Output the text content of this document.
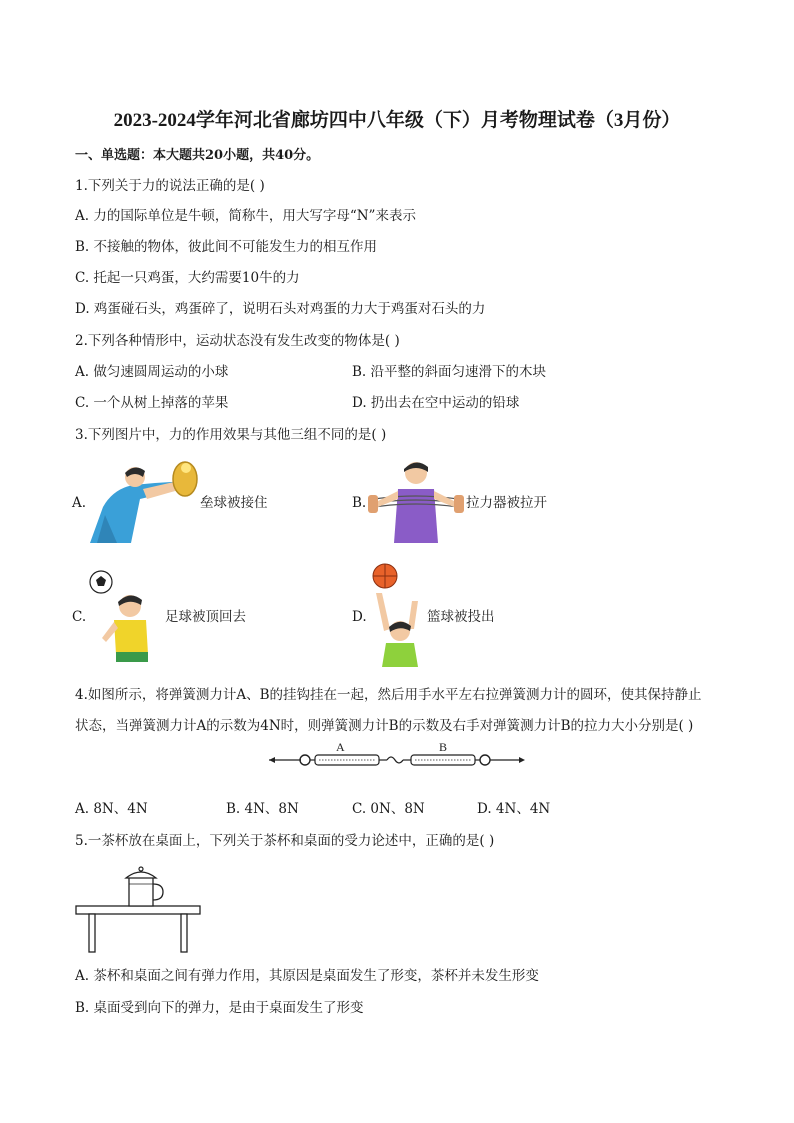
2023-2024学年河北省廊坊四中八年级（下）月考物理试卷（3月份）
一、单选题：本大题共20小题，共40分。
1.下列关于力的说法正确的是( )
A. 力的国际单位是牛顿，简称牛，用大写字母“N”来表示
B. 不接触的物体，彼此间不可能发生力的相互作用
C. 托起一只鸡蛋，大约需要10牛的力
D. 鸡蛋碰石头，鸡蛋碎了，说明石头对鸡蛋的力大于鸡蛋对石头的力
2.下列各种情形中，运动状态没有发生改变的物体是( )
A. 做匀速圆周运动的小球	B. 沿平整的斜面匀速滑下的木块
C. 一个从树上掉落的苹果	D. 扔出去在空中运动的铅球
3.下列图片中，力的作用效果与其他三组不同的是( )
A.	垒球被接住	B.	拉力器被拉开
C.	足球被顶回去	D.	篮球被投出
4.如图所示，将弹簧测力计A、B的挂钩挂在一起，然后用手水平左右拉弹簧测力计的圆环，使其保持静止
状态，当弹簧测力计A的示数为4N时，则弹簧测力计B的示数及右手对弹簧测力计B的拉力大小分别是( )
A	B
A. 8N、4N	B. 4N、8N	C. 0N、8N	D. 4N、4N
5.一茶杯放在桌面上，下列关于茶杯和桌面的受力论述中，正确的是( )
A. 茶杯和桌面之间有弹力作用，其原因是桌面发生了形变，茶杯并未发生形变
B. 桌面受到向下的弹力，是由于桌面发生了形变
